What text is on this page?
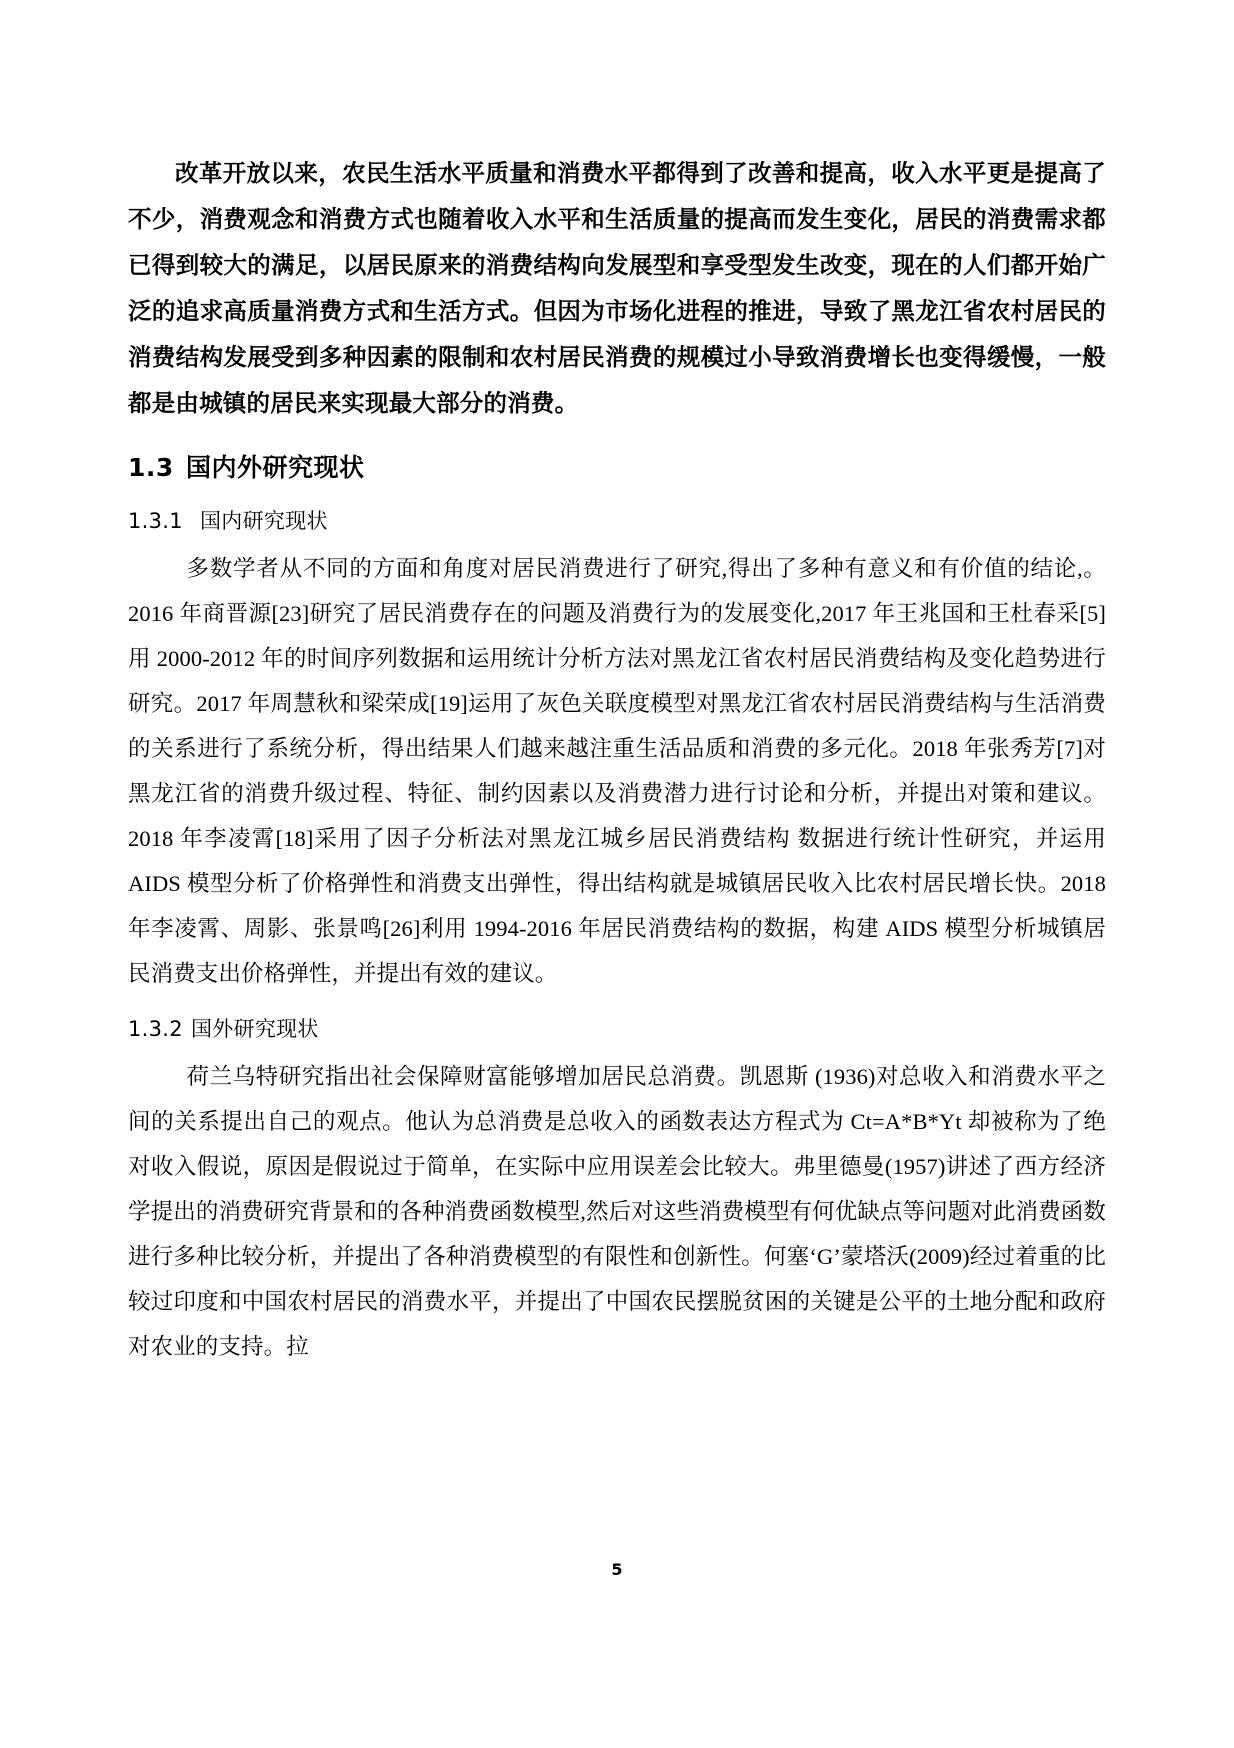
改革开放以来，农民生活水平质量和消费水平都得到了改善和提高，收入水平更是提高了不少，消费观念和消费方式也随着收入水平和生活质量的提高而发生变化，居民的消费需求都已得到较大的满足，以居民原来的消费结构向发展型和享受型发生改变，现在的人们都开始广泛的追求高质量消费方式和生活方式。但因为市场化进程的推进，导致了黑龙江省农村居民的消费结构发展受到多种因素的限制和农村居民消费的规模过小导致消费增长也变得缓慢，一般都是由城镇的居民来实现最大部分的消费。

1.3 国内外研究现状
1.3.1 国内研究现状

多数学者从不同的方面和角度对居民消费进行了研究,得出了多种有意义和有价值的结论,。2016 年商晋源[23]研究了居民消费存在的问题及消费行为的发展变化,2017 年王兆国和王杜春采[5]用 2000-2012 年的时间序列数据和运用统计分析方法对黑龙江省农村居民消费结构及变化趋势进行研究。2017 年周慧秋和梁荣成[19]运用了灰色关联度模型对黑龙江省农村居民消费结构与生活消费的关系进行了系统分析，得出结果人们越来越注重生活品质和消费的多元化。2018 年张秀芳[7]对黑龙江省的消费升级过程、特征、制约因素以及消费潜力进行讨论和分析，并提出对策和建议。2018 年李凌霄[18]采用了因子分析法对黑龙江城乡居民消费结构 数据进行统计性研究，并运用 AIDS 模型分析了价格弹性和消费支出弹性，得出结构就是城镇居民收入比农村居民增长快。2018 年李凌霄、周影、张景鸣[26]利用 1994-2016 年居民消费结构的数据，构建 AIDS 模型分析城镇居民消费支出价格弹性，并提出有效的建议。

1.3.2 国外研究现状

荷兰乌特研究指出社会保障财富能够增加居民总消费。凯恩斯 (1936)对总收入和消费水平之间的关系提出自己的观点。他认为总消费是总收入的函数表达方程式为 Ct=A*B*Yt 却被称为了绝对收入假说，原因是假说过于简单，在实际中应用误差会比较大。弗里德曼(1957)讲述了西方经济学提出的消费研究背景和的各种消费函数模型,然后对这些消费模型有何优缺点等问题对此消费函数进行多种比较分析，并提出了各种消费模型的有限性和创新性。何塞‘G’蒙塔沃(2009)经过着重的比较过印度和中国农村居民的消费水平，并提出了中国农民摆脱贫困的关键是公平的土地分配和政府对农业的支持。拉

5
